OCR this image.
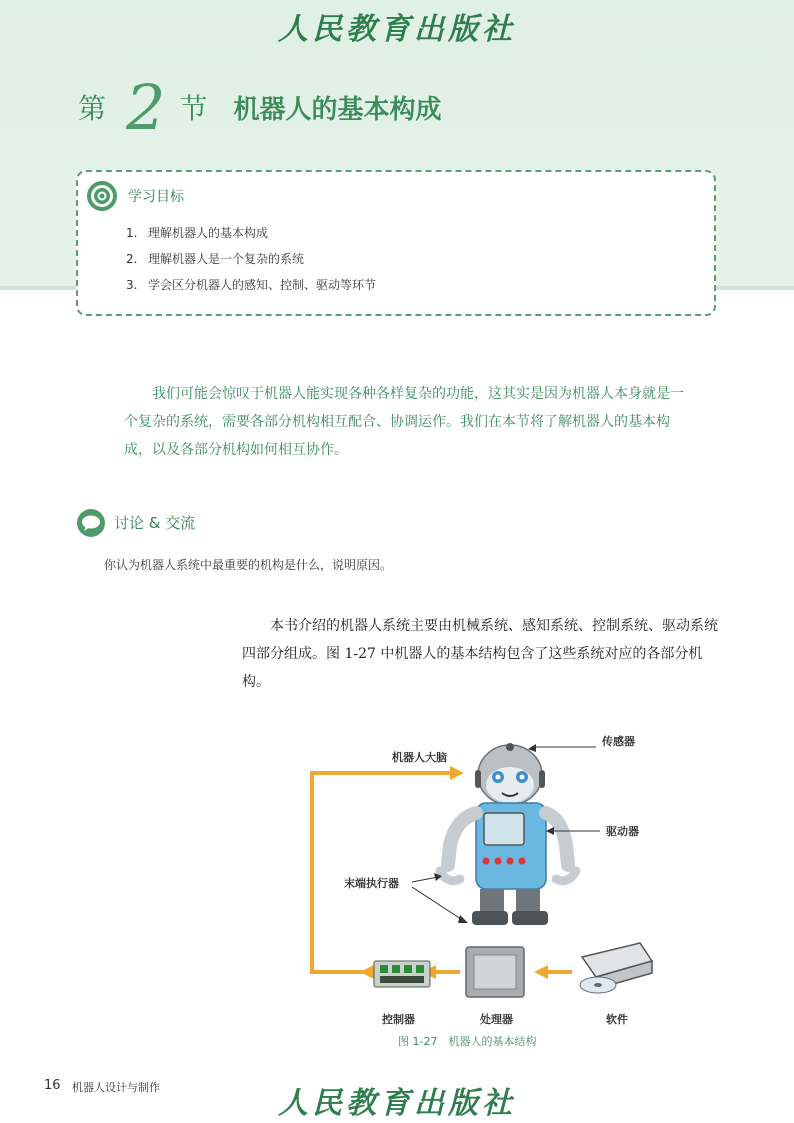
人民教育出版社
第 2 节 机器人的基本构成
学习目标
1. 理解机器人的基本构成
2. 理解机器人是一个复杂的系统
3. 学会区分机器人的感知、控制、驱动等环节
我们可能会惊叹于机器人能实现各种各样复杂的功能，这其实是因为机器人本身就是一个复杂的系统，需要各部分机构相互配合、协调运作。我们在本节将了解机器人的基本构成，以及各部分机构如何相互协作。
讨论 & 交流
你认为机器人系统中最重要的机构是什么，说明原因。
本书介绍的机器人系统主要由机械系统、感知系统、控制系统、驱动系统四部分组成。图 1-27 中机器人的基本结构包含了这些系统对应的各部分机构。
机器人大脑
传感器
驱动器
末端执行器
控制器	处理器	软件
图 1-27　机器人的基本结构
16 机器人设计与制作	人民教育出版社
